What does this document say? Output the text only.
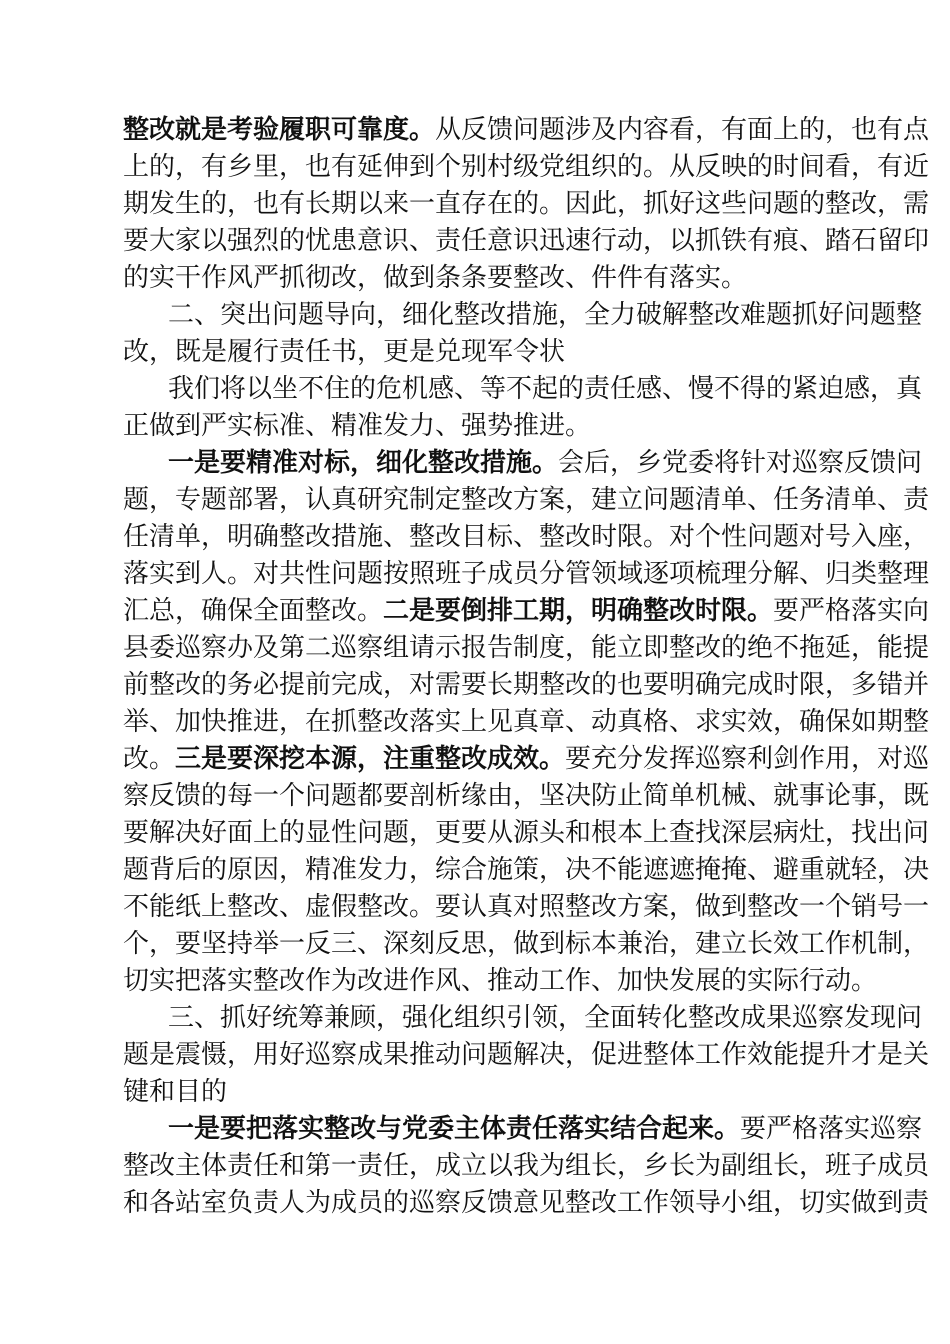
整改就是考验履职可靠度。从反馈问题涉及内容看，有面上的，也有点
上的，有乡里，也有延伸到个别村级党组织的。从反映的时间看，有近
期发生的，也有长期以来一直存在的。因此，抓好这些问题的整改，需
要大家以强烈的忧患意识、责任意识迅速行动，以抓铁有痕、踏石留印
的实干作风严抓彻改，做到条条要整改、件件有落实。
二、突出问题导向，细化整改措施，全力破解整改难题抓好问题整
改，既是履行责任书，更是兑现军令状
我们将以坐不住的危机感、等不起的责任感、慢不得的紧迫感，真
正做到严实标准、精准发力、强势推进。
一是要精准对标，细化整改措施。会后，乡党委将针对巡察反馈问
题，专题部署，认真研究制定整改方案，建立问题清单、任务清单、责
任清单，明确整改措施、整改目标、整改时限。对个性问题对号入座，
落实到人。对共性问题按照班子成员分管领域逐项梳理分解、归类整理
汇总，确保全面整改。二是要倒排工期，明确整改时限。要严格落实向
县委巡察办及第二巡察组请示报告制度，能立即整改的绝不拖延，能提
前整改的务必提前完成，对需要长期整改的也要明确完成时限，多错并
举、加快推进，在抓整改落实上见真章、动真格、求实效，确保如期整
改。三是要深挖本源，注重整改成效。要充分发挥巡察利剑作用，对巡
察反馈的每一个问题都要剖析缘由，坚决防止简单机械、就事论事，既
要解决好面上的显性问题，更要从源头和根本上查找深层病灶，找出问
题背后的原因，精准发力，综合施策，决不能遮遮掩掩、避重就轻，决
不能纸上整改、虚假整改。要认真对照整改方案，做到整改一个销号一
个，要坚持举一反三、深刻反思，做到标本兼治，建立长效工作机制，
切实把落实整改作为改进作风、推动工作、加快发展的实际行动。
三、抓好统筹兼顾，强化组织引领，全面转化整改成果巡察发现问
题是震慑，用好巡察成果推动问题解决，促进整体工作效能提升才是关
键和目的
一是要把落实整改与党委主体责任落实结合起来。要严格落实巡察
整改主体责任和第一责任，成立以我为组长，乡长为副组长，班子成员
和各站室负责人为成员的巡察反馈意见整改工作领导小组，切实做到责
